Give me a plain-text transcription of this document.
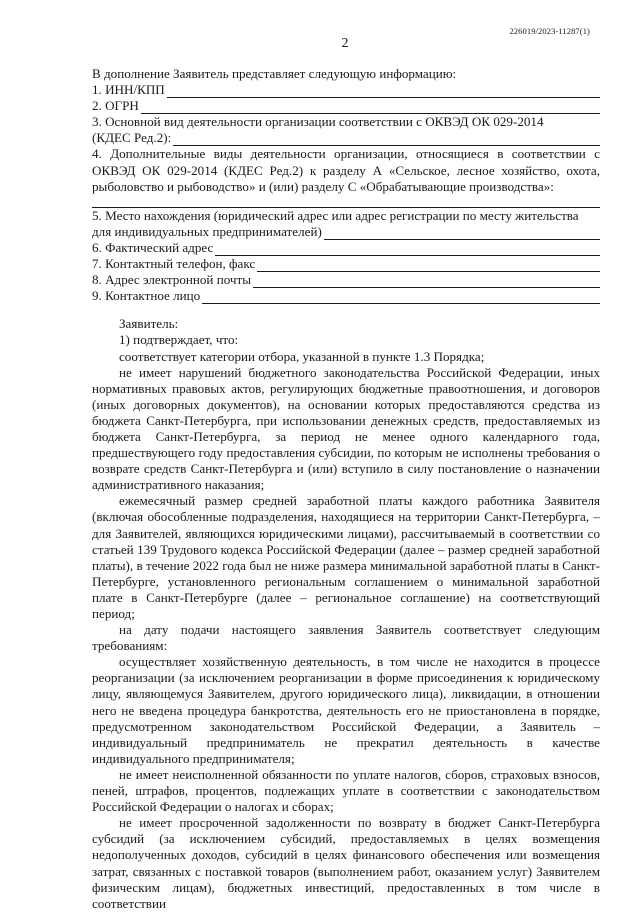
226019/2023-11287(1)
2

В дополнение Заявитель представляет следующую информацию:

1. ИНН/КПП
2. ОГРН

3. Основной вид деятельности организации соответствии с ОКВЭД ОК 029-2014

(КДЕС Ред.2):

4. Дополнительные виды деятельности организации, относящиеся в соответствии с ОКВЭД ОК 029-2014 (КДЕС Ред.2) к разделу А «Сельское, лесное хозяйство, охота, рыболовство и рыбоводство» и (или) разделу С «Обрабатывающие производства»:

5. Место нахождения (юридический адрес или адрес регистрации по месту жительства

для индивидуальных предпринимателей)
6. Фактический адрес
7. Контактный телефон, факс
8. Адрес электронной почты
9. Контактное лицо

Заявитель:

1) подтверждает, что:

соответствует категории отбора, указанной в пункте 1.3 Порядка;

не имеет нарушений бюджетного законодательства Российской Федерации, иных нормативных правовых актов, регулирующих бюджетные правоотношения, и договоров (иных договорных документов), на основании которых предоставляются средства из бюджета Санкт-Петербурга, при использовании денежных средств, предоставляемых из бюджета Санкт-Петербурга, за период не менее одного календарного года, предшествующего году предоставления субсидии, по которым не исполнены требования о возврате средств Санкт-Петербурга и (или) вступило в силу постановление о назначении административного наказания;

ежемесячный размер средней заработной платы каждого работника Заявителя (включая обособленные подразделения, находящиеся на территории Санкт-Петербурга, – для Заявителей, являющихся юридическими лицами), рассчитываемый в соответствии со статьей 139 Трудового кодекса Российской Федерации (далее – размер средней заработной платы), в течение 2022 года был не ниже размера минимальной заработной платы в Санкт-Петербурге, установленного региональным соглашением о минимальной заработной плате в Санкт-Петербурге (далее – региональное соглашение) на соответствующий период;

на дату подачи настоящего заявления Заявитель соответствует следующим требованиям:

осуществляет хозяйственную деятельность, в том числе не находится в процессе реорганизации (за исключением реорганизации в форме присоединения к юридическому лицу, являющемуся Заявителем, другого юридического лица), ликвидации, в отношении него не введена процедура банкротства, деятельность его не приостановлена в порядке, предусмотренном законодательством Российской Федерации, а Заявитель – индивидуальный предприниматель не прекратил деятельность в качестве индивидуального предпринимателя;

не имеет неисполненной обязанности по уплате налогов, сборов, страховых взносов, пеней, штрафов, процентов, подлежащих уплате в соответствии с законодательством Российской Федерации о налогах и сборах;

не имеет просроченной задолженности по возврату в бюджет Санкт-Петербурга субсидий (за исключением субсидий, предоставляемых в целях возмещения недополученных доходов, субсидий в целях финансового обеспечения или возмещения затрат, связанных с поставкой товаров (выполнением работ, оказанием услуг) Заявителем физическим лицам), бюджетных инвестиций, предоставленных в том числе в соответствии
